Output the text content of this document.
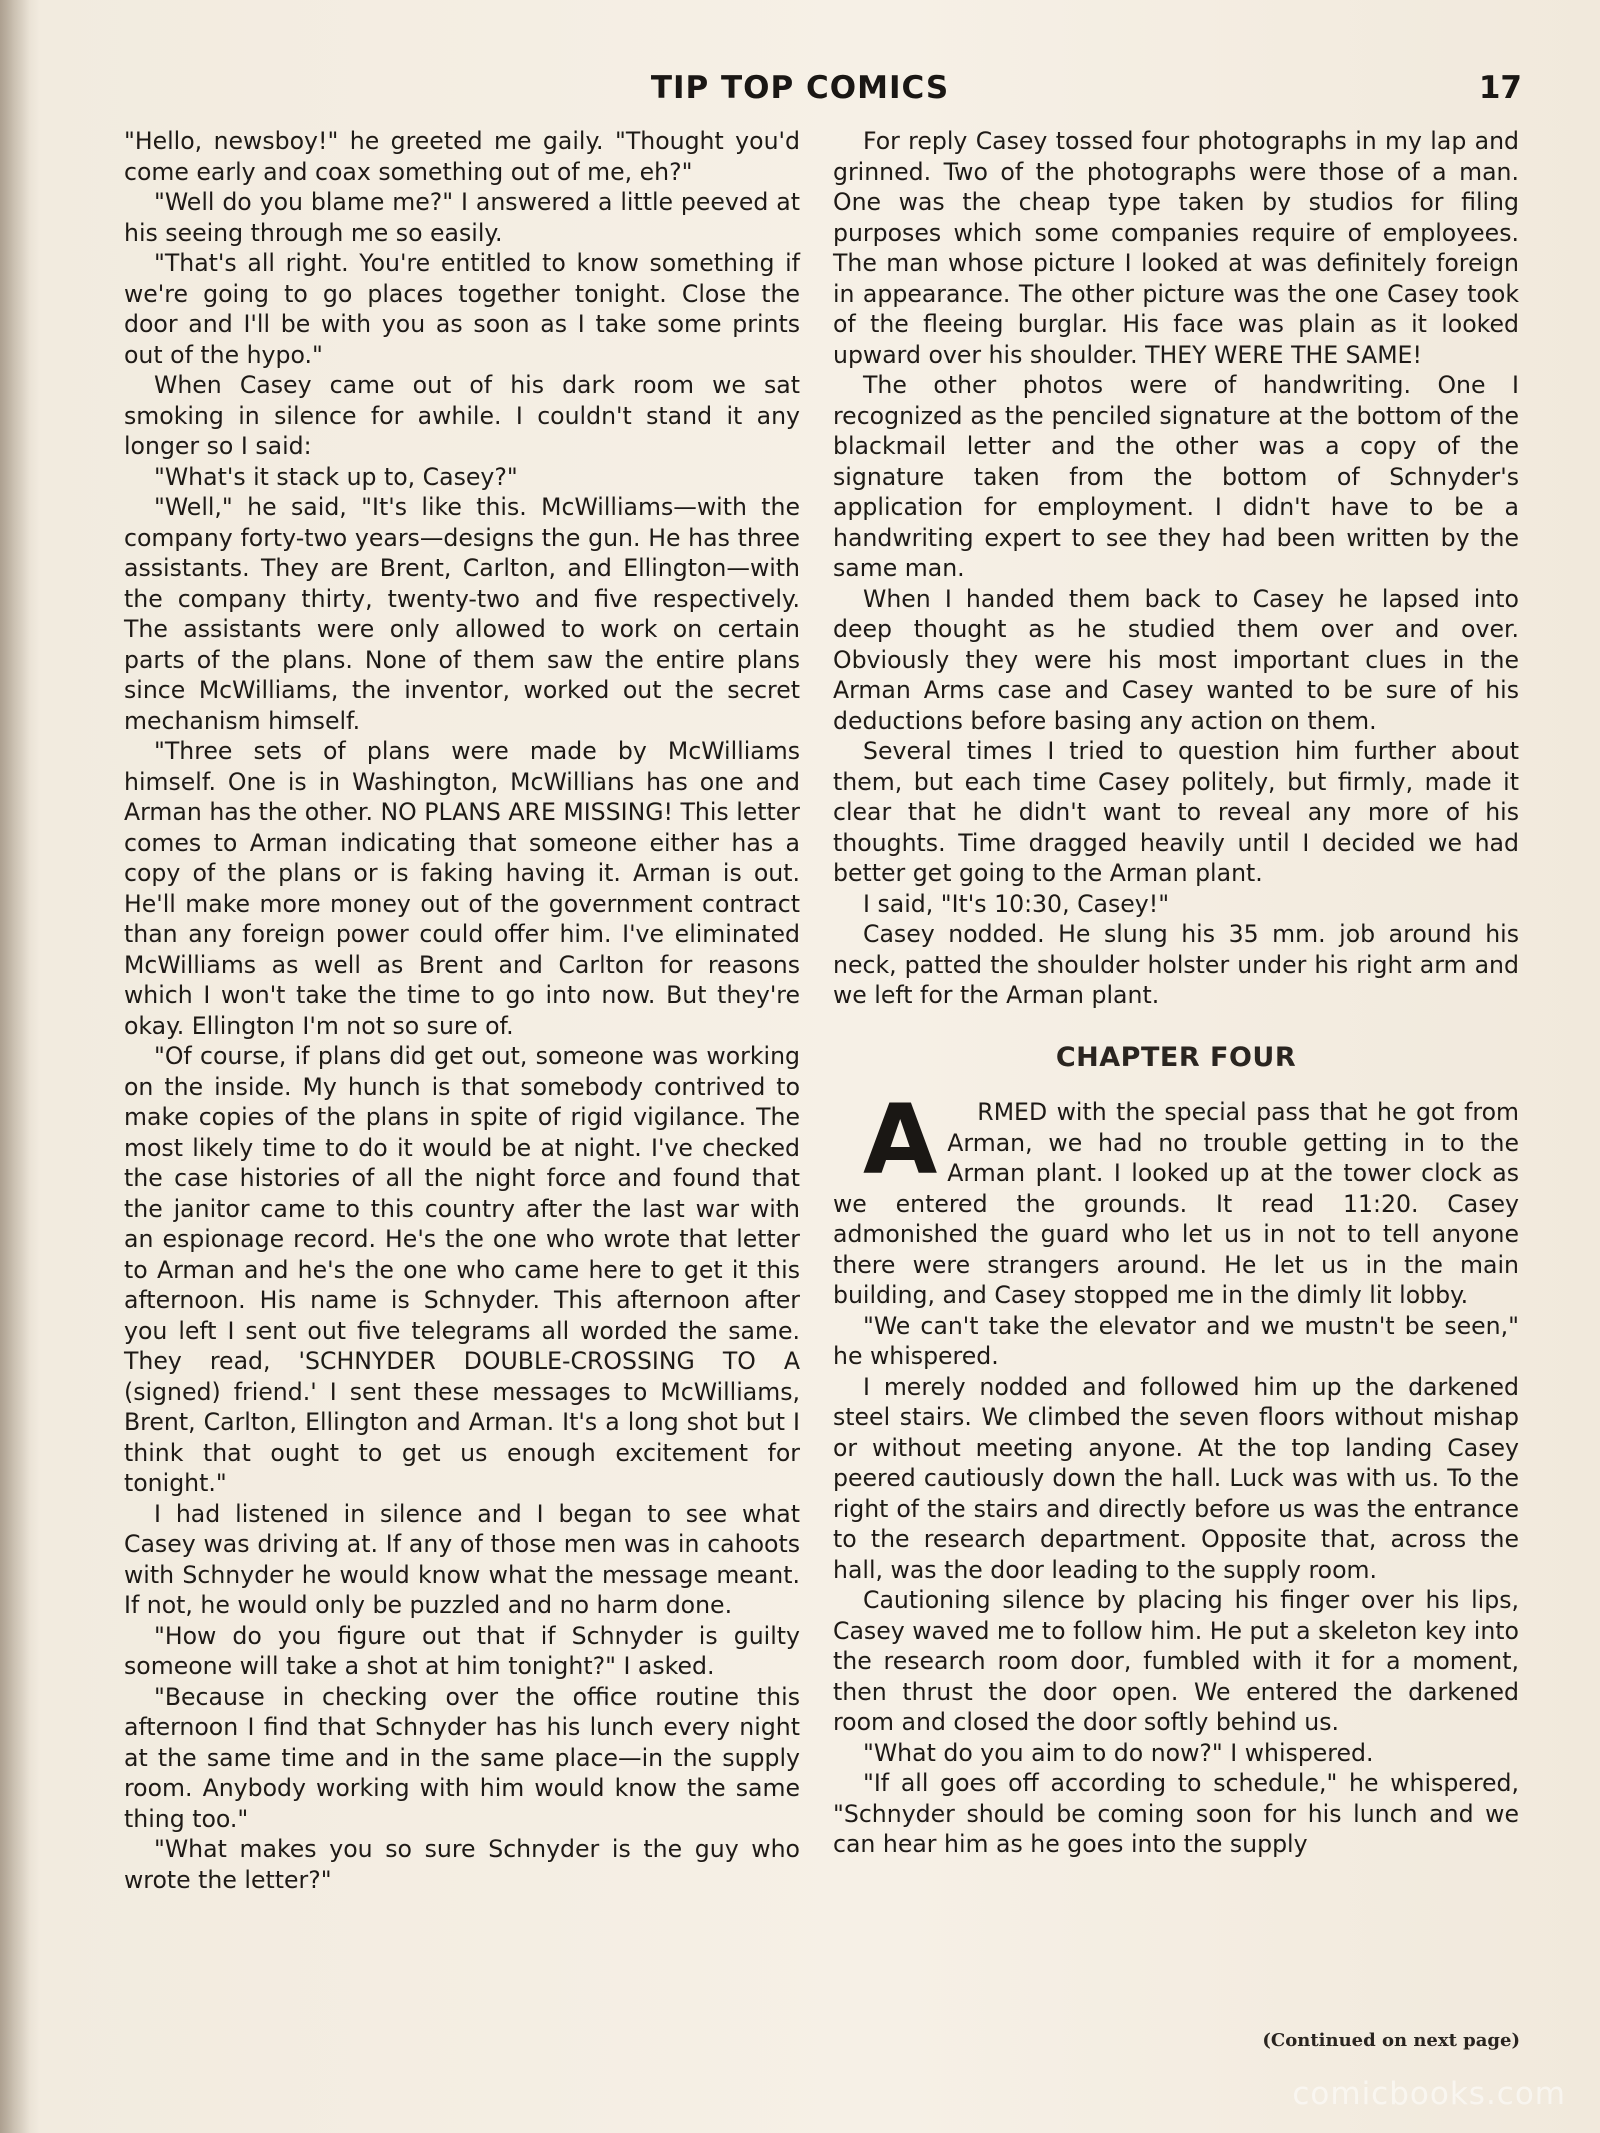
TIP TOP COMICS	17

"Hello, newsboy!" he greeted me gaily. "Thought you'd come early and coax something out of me, eh?"

"Well do you blame me?" I answered a little peeved at his seeing through me so easily.

"That's all right. You're entitled to know something if we're going to go places together tonight. Close the door and I'll be with you as soon as I take some prints out of the hypo."

When Casey came out of his dark room we sat smoking in silence for awhile. I couldn't stand it any longer so I said:

"What's it stack up to, Casey?"

"Well," he said, "It's like this. McWilliams—with the company forty-two years—designs the gun. He has three assistants. They are Brent, Carlton, and Ellington—with the company thirty, twenty-two and five respectively. The assistants were only allowed to work on certain parts of the plans. None of them saw the entire plans since McWilliams, the inventor, worked out the secret mechanism himself.

"Three sets of plans were made by McWilliams himself. One is in Washington, McWillians has one and Arman has the other. NO PLANS ARE MISSING! This letter comes to Arman indicating that someone either has a copy of the plans or is faking having it. Arman is out. He'll make more money out of the government contract than any foreign power could offer him. I've eliminated McWilliams as well as Brent and Carlton for reasons which I won't take the time to go into now. But they're okay. Ellington I'm not so sure of.

"Of course, if plans did get out, someone was working on the inside. My hunch is that somebody contrived to make copies of the plans in spite of rigid vigilance. The most likely time to do it would be at night. I've checked the case histories of all the night force and found that the janitor came to this country after the last war with an espionage record. He's the one who wrote that letter to Arman and he's the one who came here to get it this afternoon. His name is Schnyder. This afternoon after you left I sent out five telegrams all worded the same. They read, 'SCHNYDER DOUBLE-CROSSING TO A (signed) friend.' I sent these messages to McWilliams, Brent, Carlton, Ellington and Arman. It's a long shot but I think that ought to get us enough excitement for tonight."

I had listened in silence and I began to see what Casey was driving at. If any of those men was in cahoots with Schnyder he would know what the message meant. If not, he would only be puzzled and no harm done.

"How do you figure out that if Schnyder is guilty someone will take a shot at him tonight?" I asked.

"Because in checking over the office routine this afternoon I find that Schnyder has his lunch every night at the same time and in the same place—in the supply room. Anybody working with him would know the same thing too."

"What makes you so sure Schnyder is the guy who wrote the letter?"

For reply Casey tossed four photographs in my lap and grinned. Two of the photographs were those of a man. One was the cheap type taken by studios for filing purposes which some companies require of employees. The man whose picture I looked at was definitely foreign in appearance. The other picture was the one Casey took of the fleeing burglar. His face was plain as it looked upward over his shoulder. THEY WERE THE SAME!

The other photos were of handwriting. One I recognized as the penciled signature at the bottom of the blackmail letter and the other was a copy of the signature taken from the bottom of Schnyder's application for employment. I didn't have to be a handwriting expert to see they had been written by the same man.

When I handed them back to Casey he lapsed into deep thought as he studied them over and over. Obviously they were his most important clues in the Arman Arms case and Casey wanted to be sure of his deductions before basing any action on them.

Several times I tried to question him further about them, but each time Casey politely, but firmly, made it clear that he didn't want to reveal any more of his thoughts. Time dragged heavily until I decided we had better get going to the Arman plant.

I said, "It's 10:30, Casey!"

Casey nodded. He slung his 35 mm. job around his neck, patted the shoulder holster under his right arm and we left for the Arman plant.

CHAPTER FOUR

A RMED with the special pass that he got from Arman, we had no trouble getting in to the Arman plant. I looked up at the tower clock as we entered the grounds. It read 11:20. Casey admonished the guard who let us in not to tell anyone there were strangers around. He let us in the main building, and Casey stopped me in the dimly lit lobby.

"We can't take the elevator and we mustn't be seen," he whispered.

I merely nodded and followed him up the darkened steel stairs. We climbed the seven floors without mishap or without meeting anyone. At the top landing Casey peered cautiously down the hall. Luck was with us. To the right of the stairs and directly before us was the entrance to the research department. Opposite that, across the hall, was the door leading to the supply room.

Cautioning silence by placing his finger over his lips, Casey waved me to follow him. He put a skeleton key into the research room door, fumbled with it for a moment, then thrust the door open. We entered the darkened room and closed the door softly behind us.

"What do you aim to do now?" I whispered.

"If all goes off according to schedule," he whispered, "Schnyder should be coming soon for his lunch and we can hear him as he goes into the supply

(Continued on next page)
comicbooks.com
